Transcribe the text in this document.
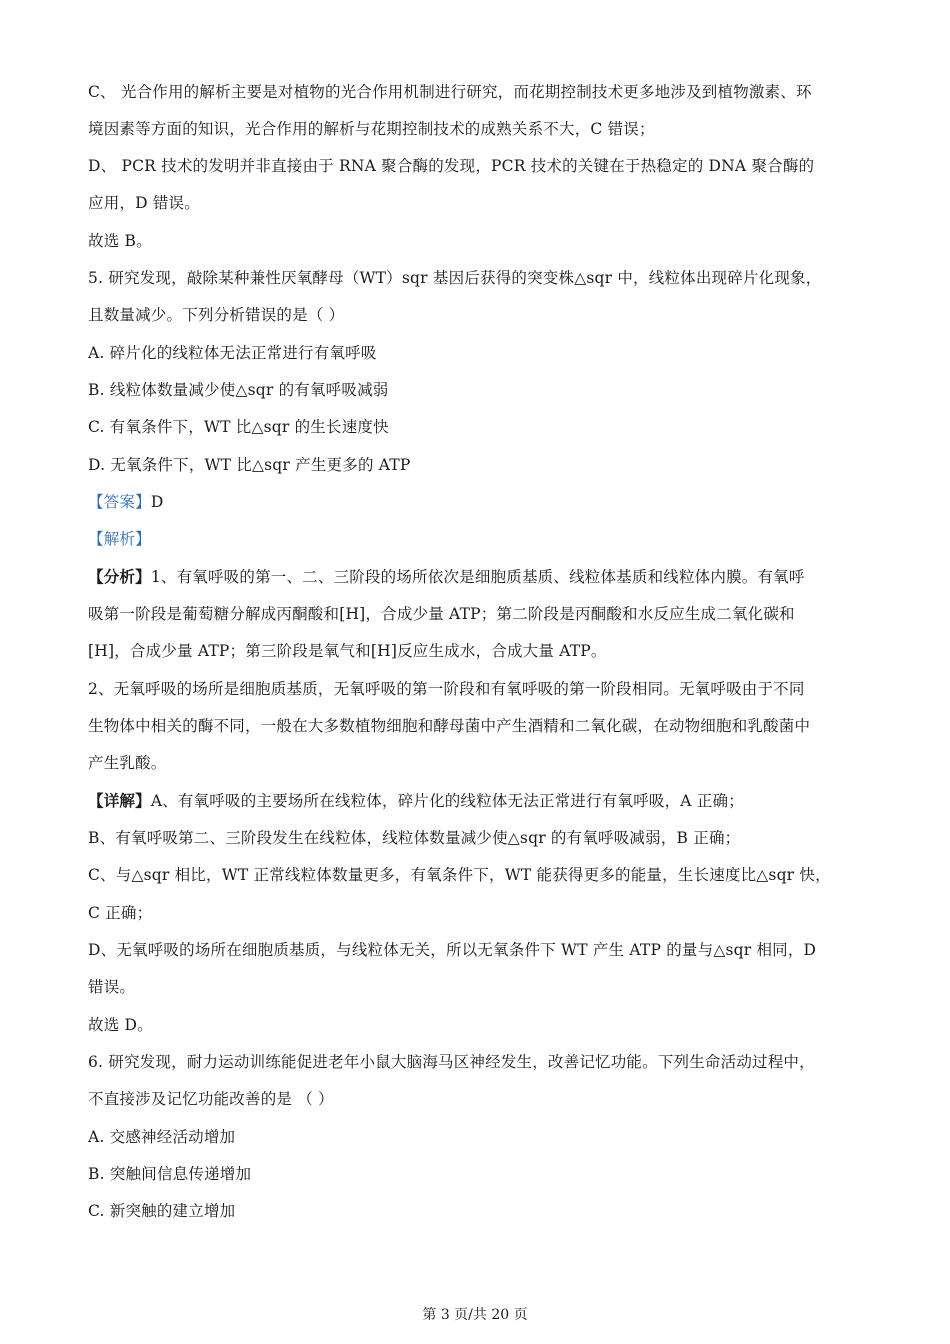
C、 光合作用的解析主要是对植物的光合作用机制进行研究，而花期控制技术更多地涉及到植物激素、环
境因素等方面的知识，光合作用的解析与花期控制技术的成熟关系不大，C 错误；
D、 PCR 技术的发明并非直接由于 RNA 聚合酶的发现，PCR 技术的关键在于热稳定的 DNA 聚合酶的
应用，D 错误。
故选 B。
5. 研究发现，敲除某种兼性厌氧酵母（WT）sqr 基因后获得的突变株△sqr 中，线粒体出现碎片化现象，
且数量减少。下列分析错误的是（ ）
A. 碎片化的线粒体无法正常进行有氧呼吸
B. 线粒体数量减少使△sqr 的有氧呼吸减弱
C. 有氧条件下，WT 比△sqr 的生长速度快
D. 无氧条件下，WT 比△sqr 产生更多的 ATP
【答案】D
【解析】
【分析】1、有氧呼吸的第一、二、三阶段的场所依次是细胞质基质、线粒体基质和线粒体内膜。有氧呼
吸第一阶段是葡萄糖分解成丙酮酸和[H]，合成少量 ATP；第二阶段是丙酮酸和水反应生成二氧化碳和
[H]，合成少量 ATP；第三阶段是氧气和[H]反应生成水，合成大量 ATP。
2、无氧呼吸的场所是细胞质基质，无氧呼吸的第一阶段和有氧呼吸的第一阶段相同。无氧呼吸由于不同
生物体中相关的酶不同，一般在大多数植物细胞和酵母菌中产生酒精和二氧化碳，在动物细胞和乳酸菌中
产生乳酸。
【详解】A、有氧呼吸的主要场所在线粒体，碎片化的线粒体无法正常进行有氧呼吸，A 正确；
B、有氧呼吸第二、三阶段发生在线粒体，线粒体数量减少使△sqr 的有氧呼吸减弱，B 正确；
C、与△sqr 相比，WT 正常线粒体数量更多，有氧条件下，WT 能获得更多的能量，生长速度比△sqr 快，
C 正确；
D、无氧呼吸的场所在细胞质基质，与线粒体无关，所以无氧条件下 WT 产生 ATP 的量与△sqr 相同，D
错误。
故选 D。
6. 研究发现，耐力运动训练能促进老年小鼠大脑海马区神经发生，改善记忆功能。下列生命活动过程中，
不直接涉及记忆功能改善的是 （ ）
A. 交感神经活动增加
B. 突触间信息传递增加
C. 新突触的建立增加
第 3 页/共 20 页
